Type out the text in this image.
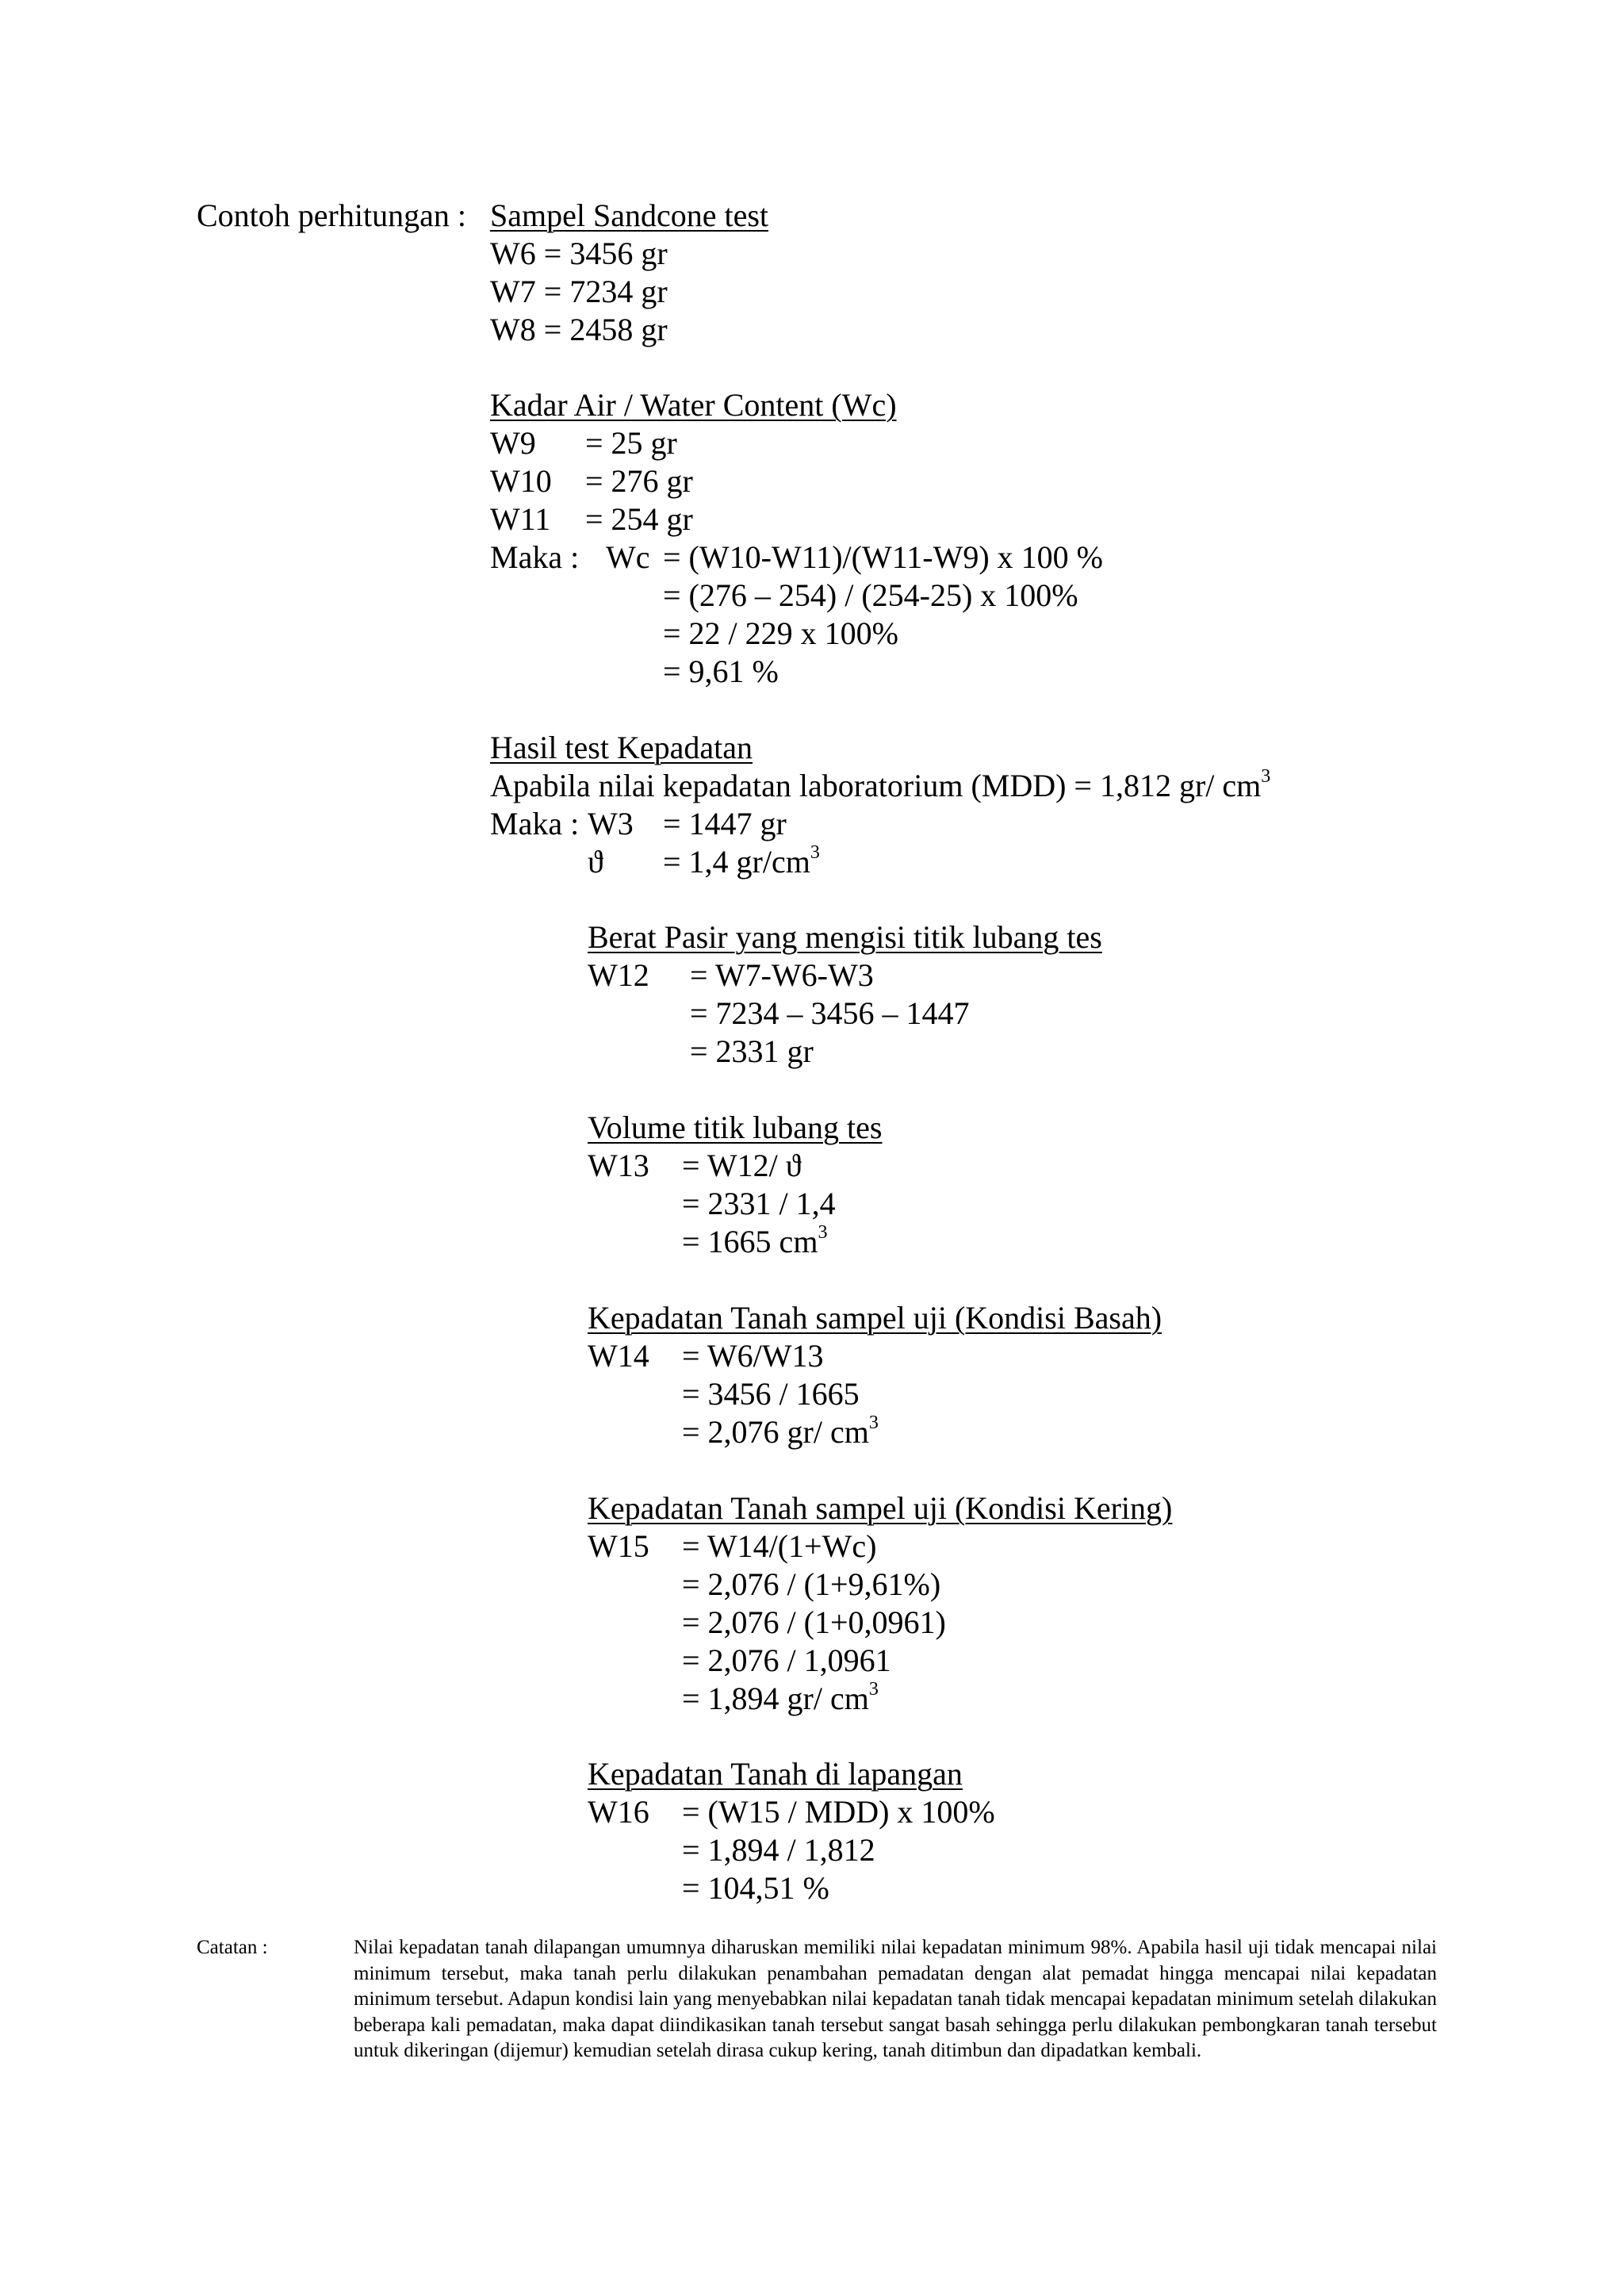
Contoh perhitungan : Sampel Sandcone test
W6 = 3456 gr
W7 = 7234 gr
W8 = 2458 gr
Kadar Air / Water Content (Wc)
W9 = 25 gr
W10 = 276 gr
W11 = 254 gr
Maka : Wc = (W10-W11)/(W11-W9) x 100 %
= (276 – 254) / (254-25) x 100%
= 22 / 229 x 100%
= 9,61 %
Hasil test Kepadatan
Apabila nilai kepadatan laboratorium (MDD) = 1,812 gr/ $cm^3$
Maka : W3 = 1447 gr
ϑ = 1,4 $gr/cm^3$
Berat Pasir yang mengisi titik lubang tes
W12 = W7-W6-W3
= 7234 – 3456 – 1447
= 2331 gr
Volume titik lubang tes
W13 = W12/ ϑ
= 2331 / 1,4
= 1665 $cm^3$
Kepadatan Tanah sampel uji (Kondisi Basah)
W14 = W6/W13
= 3456 / 1665
= 2,076 gr/ $cm^3$
Kepadatan Tanah sampel uji (Kondisi Kering)
W15 = W14/(1+Wc)
= 2,076 / (1+9,61%)
= 2,076 / (1+0,0961)
= 2,076 / 1,0961
= 1,894 gr/ $cm^3$
Kepadatan Tanah di lapangan
W16 = (W15 / MDD) x 100%
= 1,894 / 1,812
= 104,51 %
Catatan :	Nilai kepadatan tanah dilapangan umumnya diharuskan memiliki nilai kepadatan minimum 98%. Apabila hasil uji tidak mencapai nilai minimum tersebut, maka tanah perlu dilakukan penambahan pemadatan dengan alat pemadat hingga mencapai nilai kepadatan minimum tersebut. Adapun kondisi lain yang menyebabkan nilai kepadatan tanah tidak mencapai kepadatan minimum setelah dilakukan beberapa kali pemadatan, maka dapat diindikasikan tanah tersebut sangat basah sehingga perlu dilakukan pembongkaran tanah tersebut untuk dikeringan (dijemur) kemudian setelah dirasa cukup kering, tanah ditimbun dan dipadatkan kembali.
